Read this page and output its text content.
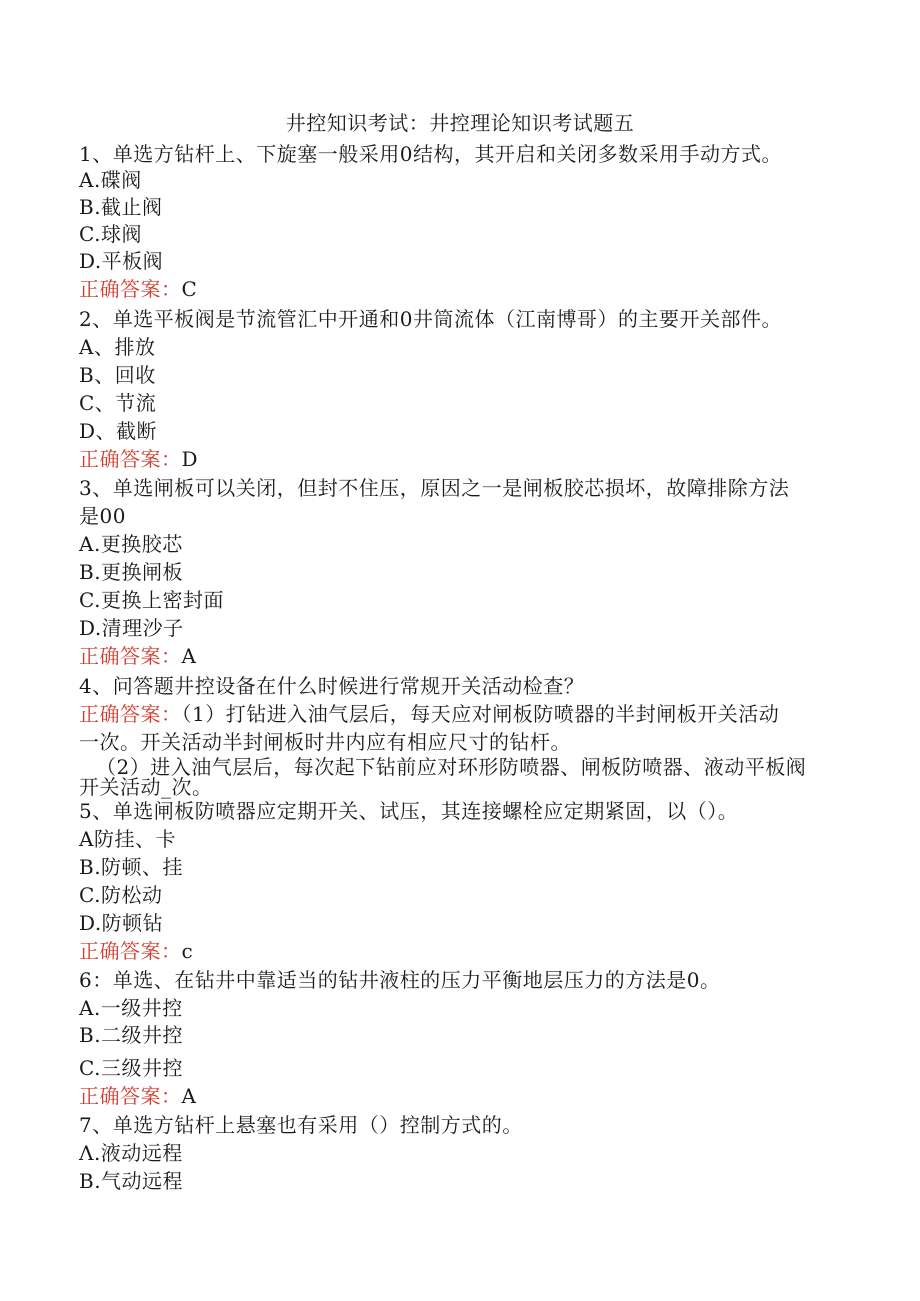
井控知识考试：井控理论知识考试题五
1、单选方钻杆上、下旋塞一般采用0结构，其开启和关闭多数采用手动方式。
A.碟阀
B.截止阀
C.球阀
D.平板阀
正确答案：C
2、单选平板阀是节流管汇中开通和0井筒流体（江南博哥）的主要开关部件。
A、排放
B、回收
C、节流
D、截断
正确答案：D
3、单选闸板可以关闭，但封不住压，原因之一是闸板胶芯损坏，故障排除方法
是00
A.更换胶芯
B.更换闸板
C.更换上密封面
D.清理沙子
正确答案：A
4、问答题井控设备在什么时候进行常规开关活动检查？
正确答案：（1）打钻进入油气层后，每天应对闸板防喷器的半封闸板开关活动
一次。开关活动半封闸板时井内应有相应尺寸的钻杆。
（2）进入油气层后，每次起下钻前应对环形防喷器、闸板防喷器、液动平板阀
开关活动_次。
5、单选闸板防喷器应定期开关、试压，其连接螺栓应定期紧固，以（）。
A防挂、卡
B.防顿、挂
C.防松动
D.防顿钻
正确答案：c
6：单选、在钻井中靠适当的钻井液柱的压力平衡地层压力的方法是0。
A.一级井控
B.二级井控
C.三级井控
正确答案：A
7、单选方钻杆上悬塞也有采用（）控制方式的。
Λ.液动远程
B.气动远程
